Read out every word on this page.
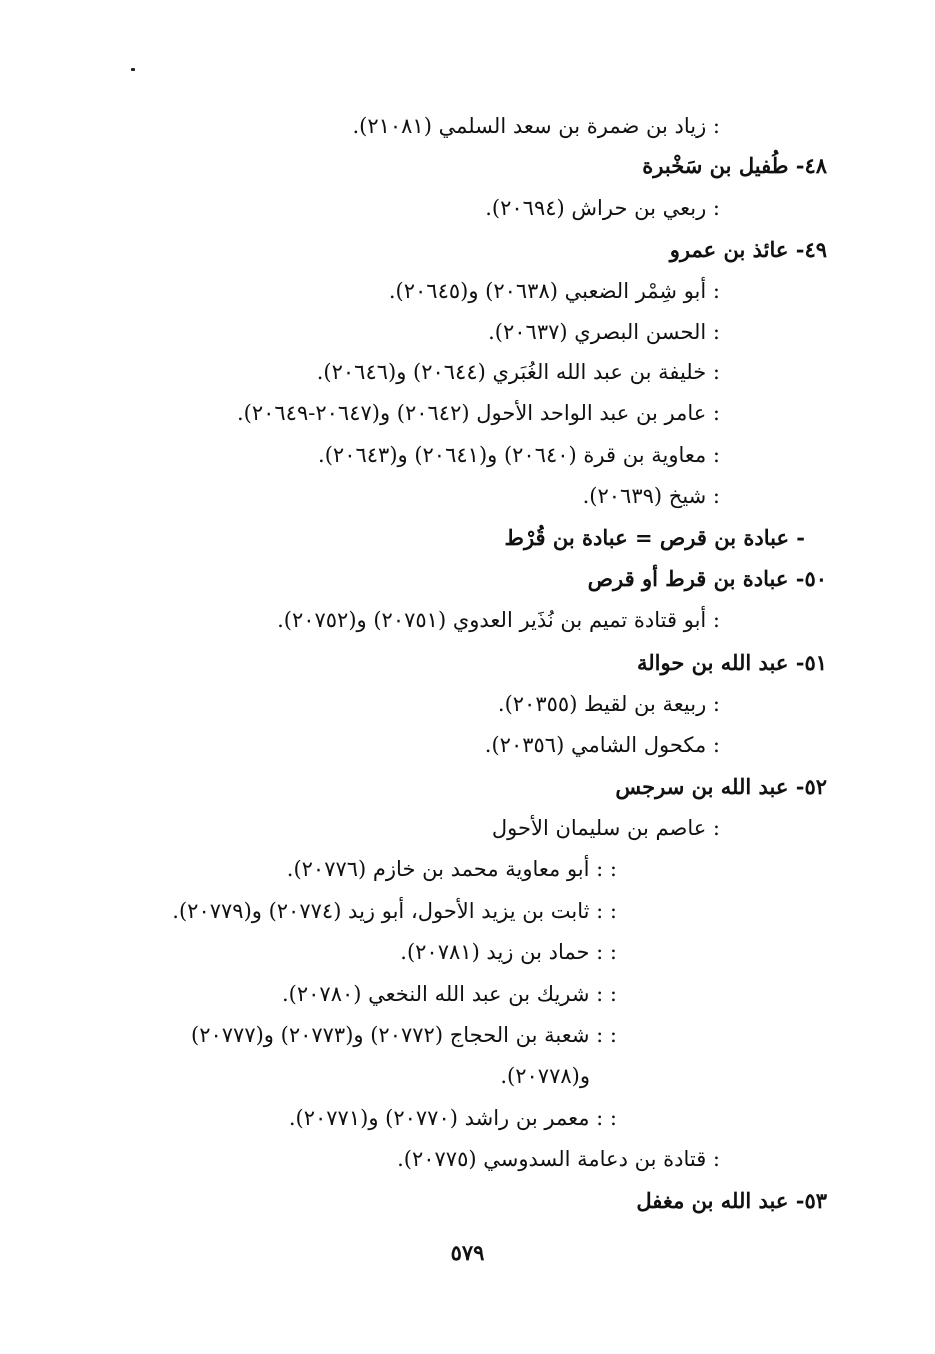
: زياد بن ضمرة بن سعد السلمي (٢١٠٨١).
٤٨- طُفيل بن سَخْبرة
: ربعي بن حراش (٢٠٦٩٤).
٤٩- عائذ بن عمرو
: أبو شِمْر الضعبي (٢٠٦٣٨) و(٢٠٦٤٥).
: الحسن البصري (٢٠٦٣٧).
: خليفة بن عبد الله الغُبَري (٢٠٦٤٤) و(٢٠٦٤٦).
: عامر بن عبد الواحد الأحول (٢٠٦٤٢) و(٢٠٦٤٧-٢٠٦٤٩).
: معاوية بن قرة (٢٠٦٤٠) و(٢٠٦٤١) و(٢٠٦٤٣).
: شيخ (٢٠٦٣٩).
- عبادة بن قرص = عبادة بن قُرْط
٥٠- عبادة بن قرط أو قرص
: أبو قتادة تميم بن نُذَير العدوي (٢٠٧٥١) و(٢٠٧٥٢).
٥١- عبد الله بن حوالة
: ربيعة بن لقيط (٢٠٣٥٥).
: مكحول الشامي (٢٠٣٥٦).
٥٢- عبد الله بن سرجس
: عاصم بن سليمان الأحول
: : أبو معاوية محمد بن خازم (٢٠٧٧٦).
: : ثابت بن يزيد الأحول، أبو زيد (٢٠٧٧٤) و(٢٠٧٧٩).
: : حماد بن زيد (٢٠٧٨١).
: : شريك بن عبد الله النخعي (٢٠٧٨٠).
: : شعبة بن الحجاج (٢٠٧٧٢) و(٢٠٧٧٣) و(٢٠٧٧٧)
و(٢٠٧٧٨).
: : معمر بن راشد (٢٠٧٧٠) و(٢٠٧٧١).
: قتادة بن دعامة السدوسي (٢٠٧٧٥).
٥٣- عبد الله بن مغفل
٥٧٩
